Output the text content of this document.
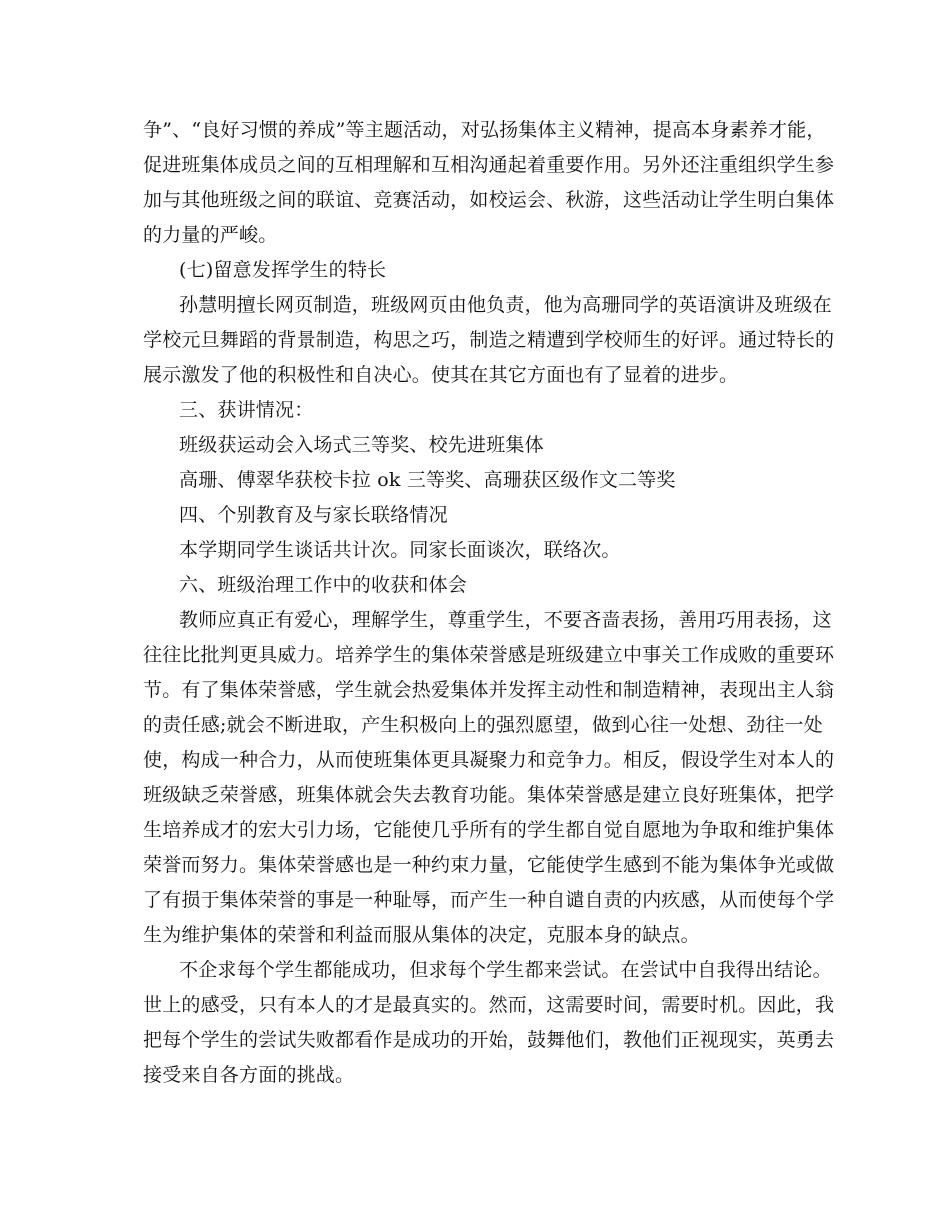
争”、“良好习惯的养成”等主题活动，对弘扬集体主义精神，提高本身素养才能，
促进班集体成员之间的互相理解和互相沟通起着重要作用。另外还注重组织学生参
加与其他班级之间的联谊、竞赛活动，如校运会、秋游，这些活动让学生明白集体
的力量的严峻。
(七)留意发挥学生的特长
孙慧明擅长网页制造，班级网页由他负责，他为高珊同学的英语演讲及班级在
学校元旦舞蹈的背景制造，构思之巧，制造之精遭到学校师生的好评。通过特长的
展示激发了他的积极性和自决心。使其在其它方面也有了显着的进步。
三、获讲情况：
班级获运动会入场式三等奖、校先进班集体
高珊、傅翠华获校卡拉 ok 三等奖、高珊获区级作文二等奖
四、个别教育及与家长联络情况
本学期同学生谈话共计次。同家长面谈次，联络次。
六、班级治理工作中的收获和体会
教师应真正有爱心，理解学生，尊重学生，不要吝啬表扬，善用巧用表扬，这
往往比批判更具威力。培养学生的集体荣誉感是班级建立中事关工作成败的重要环
节。有了集体荣誉感，学生就会热爱集体并发挥主动性和制造精神，表现出主人翁
的责任感;就会不断进取，产生积极向上的强烈愿望，做到心往一处想、劲往一处
使，构成一种合力，从而使班集体更具凝聚力和竞争力。相反，假设学生对本人的
班级缺乏荣誉感，班集体就会失去教育功能。集体荣誉感是建立良好班集体，把学
生培养成才的宏大引力场，它能使几乎所有的学生都自觉自愿地为争取和维护集体
荣誉而努力。集体荣誉感也是一种约束力量，它能使学生感到不能为集体争光或做
了有损于集体荣誉的事是一种耻辱，而产生一种自谴自责的内疚感，从而使每个学
生为维护集体的荣誉和利益而服从集体的决定，克服本身的缺点。
不企求每个学生都能成功，但求每个学生都来尝试。在尝试中自我得出结论。
世上的感受，只有本人的才是最真实的。然而，这需要时间，需要时机。因此，我
把每个学生的尝试失败都看作是成功的开始，鼓舞他们，教他们正视现实，英勇去
接受来自各方面的挑战。
